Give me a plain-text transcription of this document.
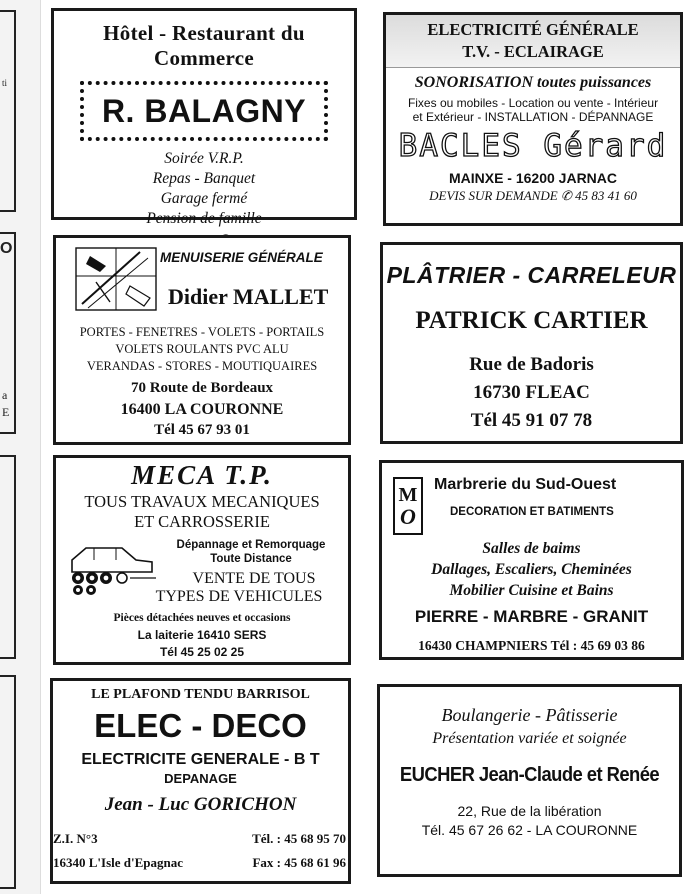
ti
O
a
E
Hôtel - Restaurant du Commerce
R. BALAGNY
Soirée V.R.P.
Repas - Banquet
Garage fermé
Pension de famille
ELECTRICITÉ GÉNÉRALE
T.V. - ECLAIRAGE
SONORISATION toutes puissances
Fixes ou mobiles - Location ou vente - Intérieur
et Extérieur - INSTALLATION - DÉPANNAGE
BACLES Gérard
MAINXE - 16200 JARNAC
DEVIS SUR DEMANDE ✆ 45 83 41 60
MENUISERIE GÉNÉRALE
Didier MALLET
PORTES - FENETRES - VOLETS - PORTAILS
VOLETS ROULANTS PVC ALU
VERANDAS - STORES - MOUTIQUAIRES
70 Route de Bordeaux
16400 LA COURONNE
Tél 45 67 93 01
PLÂTRIER - CARRELEUR
PATRICK CARTIER
Rue de Badoris
16730 FLEAC
Tél 45 91 07 78
MECA T.P.
TOUS TRAVAUX MECANIQUES
ET CARROSSERIE
Dépannage et Remorquage
Toute Distance
VENTE DE TOUS
TYPES DE VEHICULES
Pièces détachées neuves et occasions
La laiterie 16410 SERS
Tél 45 25 02 25
M
O
Marbrerie du Sud-Ouest
DECORATION ET BATIMENTS
Salles de baims
Dallages, Escaliers, Cheminées
Mobilier Cuisine et Bains
PIERRE - MARBRE - GRANIT
16430 CHAMPNIERS Tél : 45 69 03 86
LE PLAFOND TENDU BARRISOL
ELEC - DECO
ELECTRICITE GENERALE - B T
DEPANAGE
Jean - Luc GORICHON
Z.I. N°3	Tél. : 45 68 95 70
16340 L'Isle d'Epagnac	Fax : 45 68 61 96
Boulangerie - Pâtisserie
Présentation variée et soignée
EUCHER Jean-Claude et Renée
22, Rue de la libération
Tél. 45 67 26 62 - LA COURONNE
